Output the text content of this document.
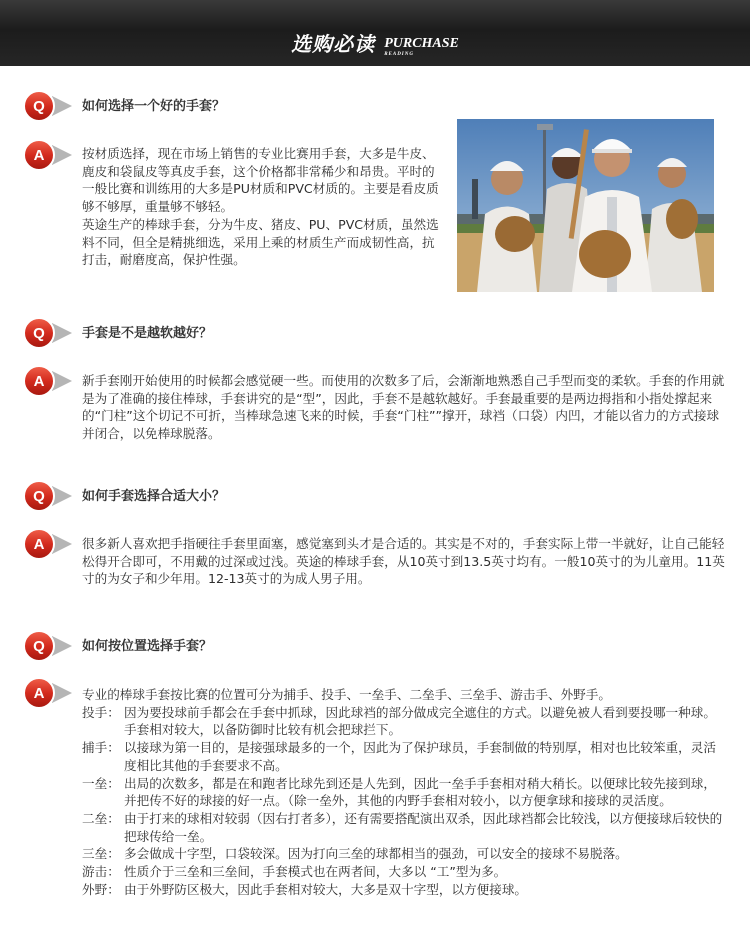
选购必读 PURCHASE
READING
Q	如何选择一个好的手套？
A	按材质选择，现在市场上销售的专业比赛用手套，大多是牛皮、鹿皮和袋鼠皮等真皮手套，这个价格都非常稀少和昂贵。平时的一般比赛和训练用的大多是PU材质和PVC材质的。主要是看皮质够不够厚，重量够不够轻。

英途生产的棒球手套，分为牛皮、猪皮、PU、PVC材质，虽然选料不同，但全是精挑细选，采用上乘的材质生产而成韧性高，抗打击，耐磨度高，保护性强。

Q	手套是不是越软越好？
A	新手套刚开始使用的时候都会感觉硬一些。而使用的次数多了后，会渐渐地熟悉自己手型而变的柔软。手套的作用就是为了准确的接住棒球，手套讲究的是“型”，因此，手套不是越软越好。手套最重要的是两边拇指和小指处撑起来的“门柱”这个切记不可折，当棒球急速飞来的时候，手套“门柱””撑开，球裆（口袋）内凹，才能以省力的方式接球并闭合，以免棒球脱落。

Q	如何手套选择合适大小？
A	很多新人喜欢把手指硬往手套里面塞，感觉塞到头才是合适的。其实是不对的，手套实际上带一半就好，让自己能轻松得开合即可，不用戴的过深或过浅。英途的棒球手套，从10英寸到13.5英寸均有。一般10英寸的为儿童用。11英寸的为女子和少年用。12-13英寸的为成人男子用。

Q	如何按位置选择手套？
A	专业的棒球手套按比赛的位置可分为捕手、投手、一垒手、二垒手、三垒手、游击手、外野手。

投手： 因为要投球前手都会在手套中抓球，因此球裆的部分做成完全遮住的方式。以避免被人看到要投哪一种球。手套相对较大，以备防御时比较有机会把球拦下。
捕手： 以接球为第一目的，是接强球最多的一个，因此为了保护球员，手套制做的特别厚，相对也比较笨重，灵活度相比其他的手套要求不高。
一垒： 出局的次数多，都是在和跑者比球先到还是人先到，因此一垒手手套相对稍大稍长。以便球比较先接到球，并把传不好的球接的好一点。（除一垒外，其他的内野手套相对较小，以方便拿球和接球的灵活度。
二垒： 由于打来的球相对较弱（因右打者多），还有需要搭配演出双杀，因此球裆都会比较浅，以方便接球后较快的把球传给一垒。
三垒： 多会做成十字型，口袋较深。因为打向三垒的球都相当的强劲，可以安全的接球不易脱落。
游击： 性质介于三垒和三垒间，手套模式也在两者间，大多以 “工”型为多。
外野： 由于外野防区极大，因此手套相对较大，大多是双十字型，以方便接球。
